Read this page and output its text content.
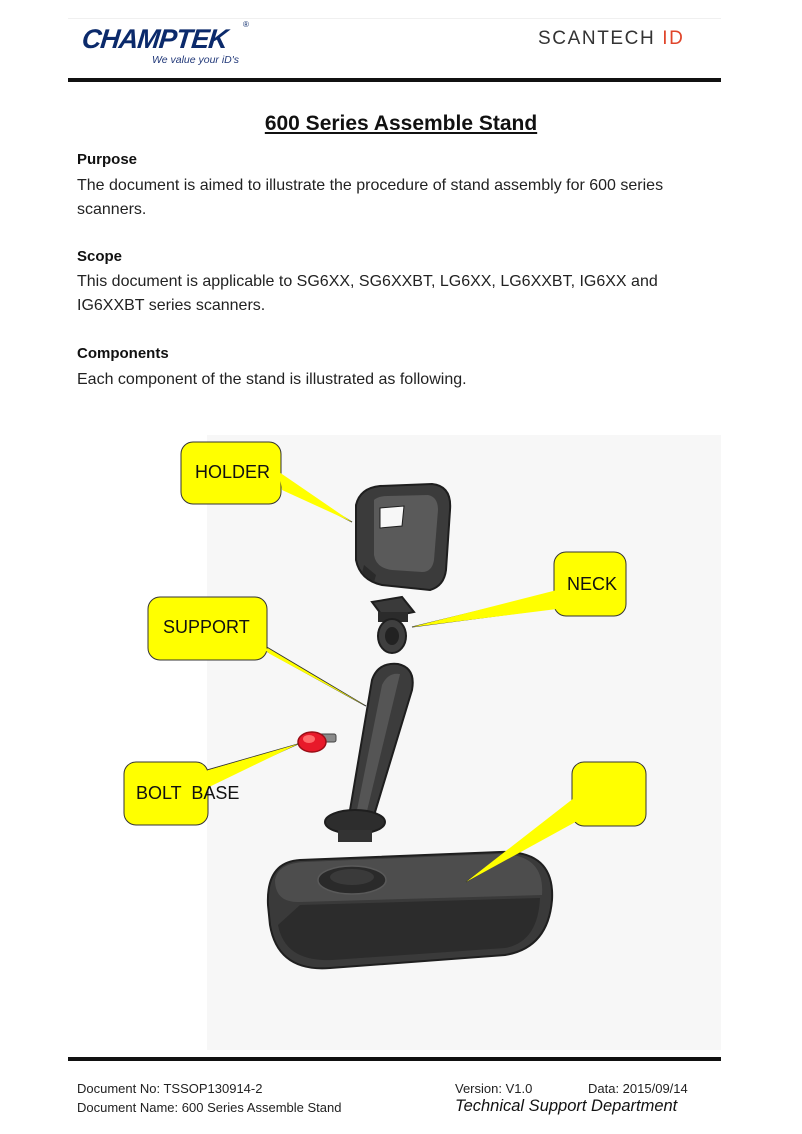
CHAMPTEK ®
We value your iD's
SCANTECH ID
600 Series Assemble Stand
Purpose
The document is aimed to illustrate the procedure of stand assembly for 600 series scanners.
Scope
This document is applicable to SG6XX, SG6XXBT, LG6XX, LG6XXBT, IG6XX and IG6XXBT series scanners.
Components
Each component of the stand is illustrated as following.
HOLDER
NECK
SUPPORT
BOLT  BASE
Document No: TSSOP130914-2
Document Name: 600 Series Assemble Stand
Version: V1.0	Data: 2015/09/14
Technical Support Department
